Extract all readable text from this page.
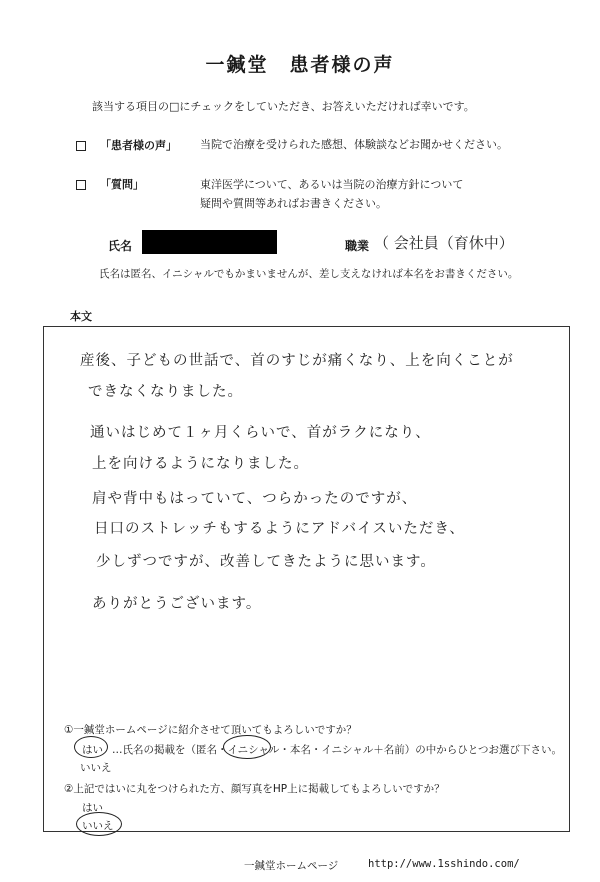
一鍼堂　患者様の声
該当する項目の□にチェックをしていただき、お答えいただければ幸いです。
「患者様の声」 当院で治療を受けられた感想、体験談などお聞かせください。
「質問」	東洋医学について、あるいは当院の治療方針について
疑問や質問等あればお書きください。
氏名	職業 （ 会社員（育休中）
氏名は匿名、イニシャルでもかまいませんが、差し支えなければ本名をお書きください。
本文
産後、子どもの世話で、首のすじが痛くなり、上を向くことが
できなくなりました。
通いはじめて１ヶ月くらいで、首がラクになり、
上を向けるようになりました。
肩や背中もはっていて、つらかったのですが、
日口のストレッチもするようにアドバイスいただき、
少しずつですが、改善してきたように思います。
ありがとうございます。
①一鍼堂ホームページに紹介させて頂いてもよろしいですか？
はい …氏名の掲載を（匿名・イニシャル・本名・イニシャル＋名前）の中からひとつお選び下さい。
いいえ
②上記ではいに丸をつけられた方、顔写真をHP上に掲載してもよろしいですか？
はい
いいえ
一鍼堂ホームページ	http://www.1sshindo.com/
